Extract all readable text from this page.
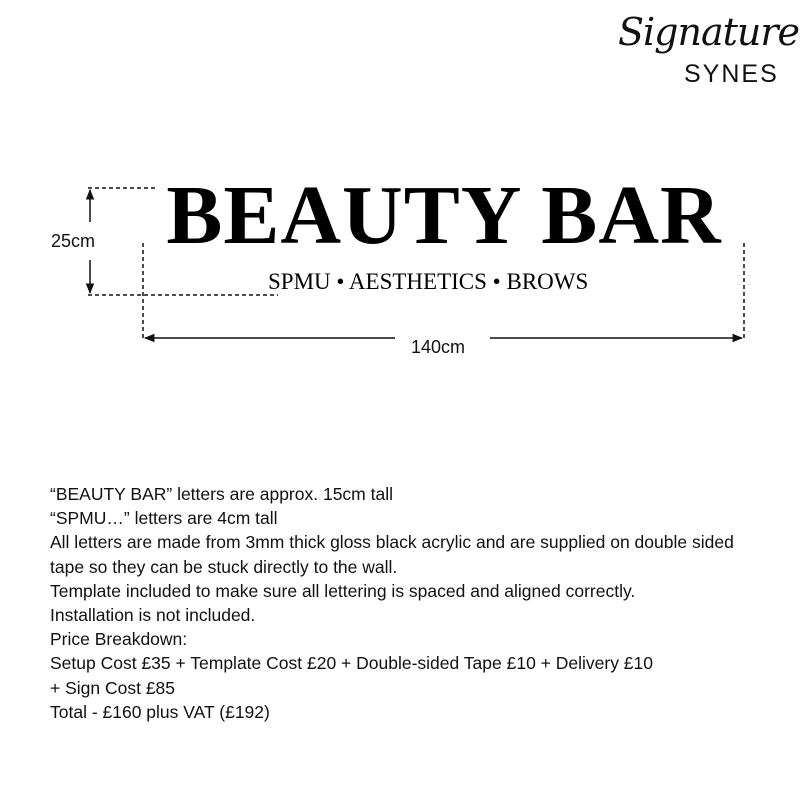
Signature
SYNES
BEAUTY BAR
SPMU • AESTHETICS • BROWS
25cm
140cm
“BEAUTY BAR” letters are approx. 15cm tall
“SPMU…” letters are 4cm tall
All letters are made from 3mm thick gloss black acrylic and are supplied on double sided
tape so they can be stuck directly to the wall.
Template included to make sure all lettering is spaced and aligned correctly.
Installation is not included.
Price Breakdown:
Setup Cost £35 + Template Cost £20 + Double-sided Tape £10 + Delivery £10
+ Sign Cost £85
Total - £160 plus VAT (£192)
